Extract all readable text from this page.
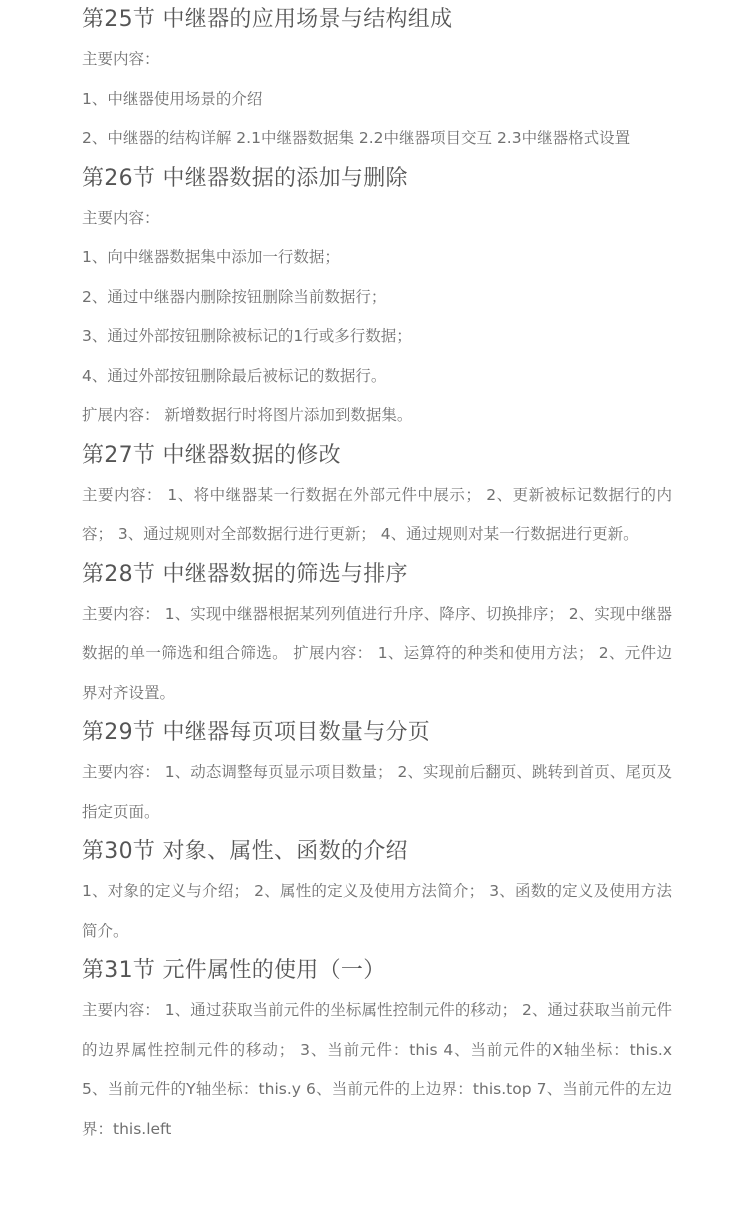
第25节 中继器的应用场景与结构组成

主要内容：

1、中继器使用场景的介绍

2、中继器的结构详解 2.1中继器数据集 2.2中继器项目交互 2.3中继器格式设置

第26节 中继器数据的添加与删除

主要内容：

1、向中继器数据集中添加一行数据；

2、通过中继器内删除按钮删除当前数据行；

3、通过外部按钮删除被标记的1行或多行数据；

4、通过外部按钮删除最后被标记的数据行。

扩展内容： 新增数据行时将图片添加到数据集。

第27节 中继器数据的修改

主要内容： 1、将中继器某一行数据在外部元件中展示； 2、更新被标记数据行的内容； 3、通过规则对全部数据行进行更新； 4、通过规则对某一行数据进行更新。

第28节 中继器数据的筛选与排序

主要内容： 1、实现中继器根据某列列值进行升序、降序、切换排序； 2、实现中继器数据的单一筛选和组合筛选。 扩展内容： 1、运算符的种类和使用方法； 2、元件边界对齐设置。

第29节 中继器每页项目数量与分页

主要内容： 1、动态调整每页显示项目数量； 2、实现前后翻页、跳转到首页、尾页及指定页面。

第30节 对象、属性、函数的介绍

1、对象的定义与介绍； 2、属性的定义及使用方法简介； 3、函数的定义及使用方法简介。

第31节 元件属性的使用（一）

主要内容： 1、通过获取当前元件的坐标属性控制元件的移动； 2、通过获取当前元件的边界属性控制元件的移动； 3、当前元件：this 4、当前元件的X轴坐标：this.x 5、当前元件的Y轴坐标：this.y 6、当前元件的上边界：this.top 7、当前元件的左边界：this.left
